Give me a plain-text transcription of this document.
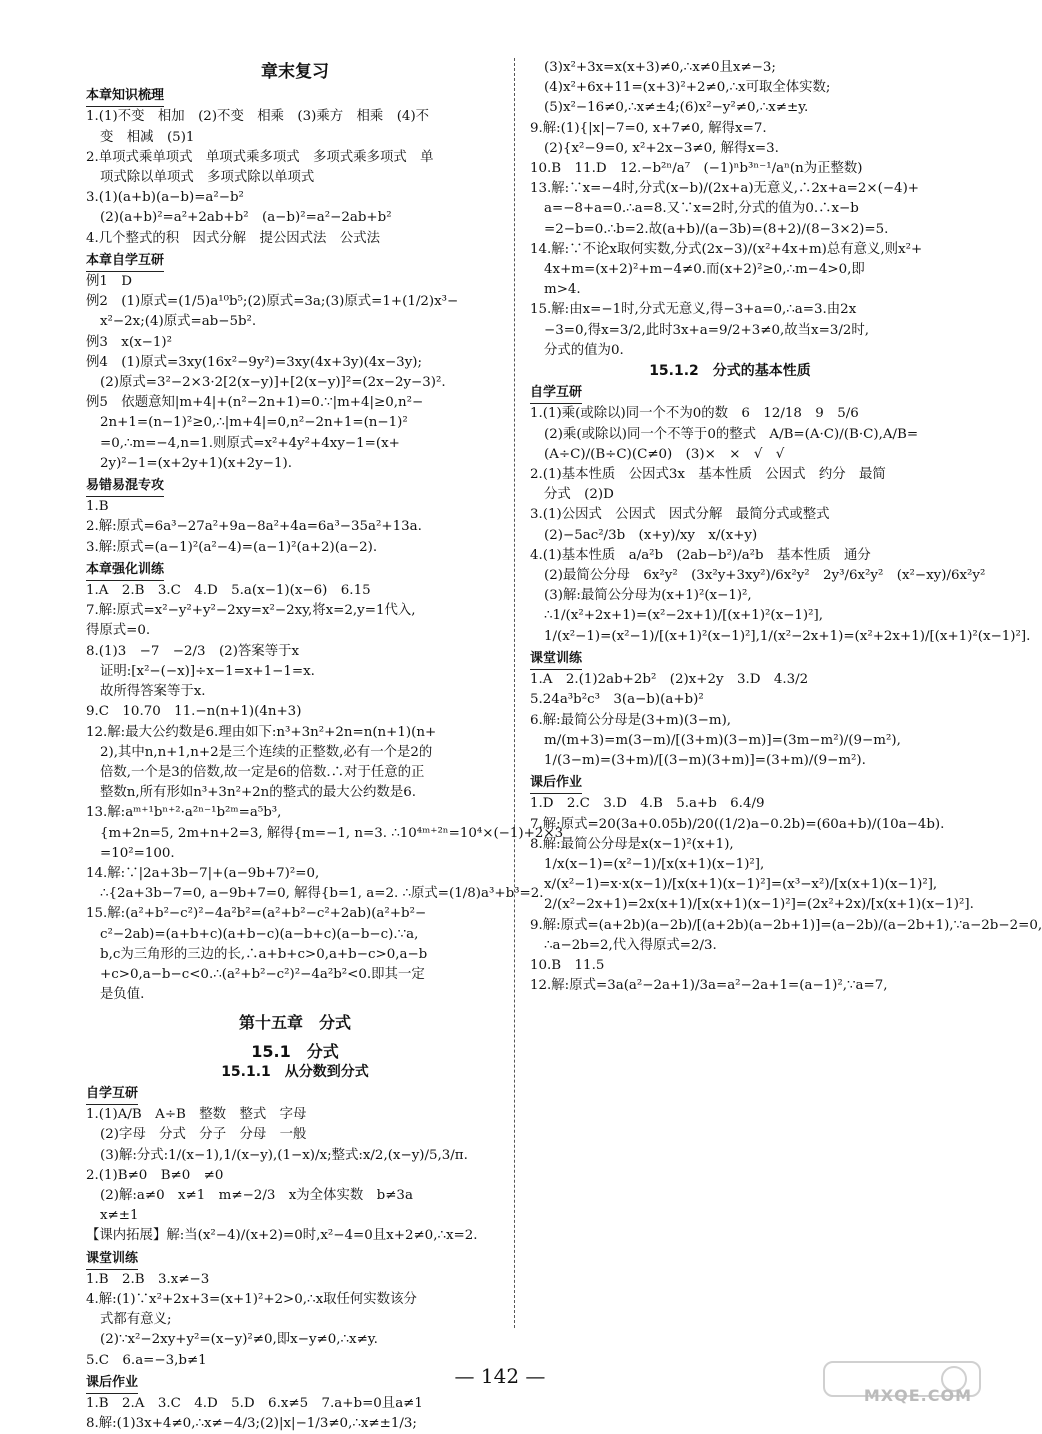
章末复习
本章知识梳理
1.(1)不变　相加　(2)不变　相乘　(3)乘方　相乘　(4)不
变　相减　(5)1
2.单项式乘单项式　单项式乘多项式　多项式乘多项式　单
项式除以单项式　多项式除以单项式
3.(1)(a+b)(a−b)=a²−b²
(2)(a+b)²=a²+2ab+b²　(a−b)²=a²−2ab+b²
4.几个整式的积　因式分解　提公因式法　公式法
本章自学互研
例1　D
例2　(1)原式=(1/5)a¹⁰b⁵;(2)原式=3a;(3)原式=1+(1/2)x³−
x²−2x;(4)原式=ab−5b².
例3　x(x−1)²
例4　(1)原式=3xy(16x²−9y²)=3xy(4x+3y)(4x−3y);
(2)原式=3²−2×3·2[2(x−y)]+[2(x−y)]²=(2x−2y−3)².
例5　依题意知|m+4|+(n²−2n+1)=0.∵|m+4|≥0,n²−
2n+1=(n−1)²≥0,∴|m+4|=0,n²−2n+1=(n−1)²
=0,∴m=−4,n=1.则原式=x²+4y²+4xy−1=(x+
2y)²−1=(x+2y+1)(x+2y−1).
易错易混专攻
1.B
2.解:原式=6a³−27a²+9a−8a²+4a=6a³−35a²+13a.
3.解:原式=(a−1)²(a²−4)=(a−1)²(a+2)(a−2).
本章强化训练
1.A　2.B　3.C　4.D　5.a(x−1)(x−6)　6.15
7.解:原式=x²−y²+y²−2xy=x²−2xy,将x=2,y=1代入,
得原式=0.
8.(1)3　−7　−2/3　(2)答案等于x
证明:[x²−(−x)]÷x−1=x+1−1=x.
故所得答案等于x.
9.C　10.70　11.−n(n+1)(4n+3)
12.解:最大公约数是6.理由如下:n³+3n²+2n=n(n+1)(n+
2),其中n,n+1,n+2是三个连续的正整数,必有一个是2的
倍数,一个是3的倍数,故一定是6的倍数.∴对于任意的正
整数n,所有形如n³+3n²+2n的整式的最大公约数是6.
13.解:aᵐ⁺¹bⁿ⁺²·a²ⁿ⁻¹b²ᵐ=a⁵b³,
{m+2n=5, 2m+n+2=3, 解得{m=−1, n=3. ∴10⁴ᵐ⁺²ⁿ=10⁴×(−1)+2×3
=10²=100.
14.解:∵|2a+3b−7|+(a−9b+7)²=0,
∴{2a+3b−7=0, a−9b+7=0, 解得{b=1, a=2. ∴原式=(1/8)a³+b³=2.
15.解:(a²+b²−c²)²−4a²b²=(a²+b²−c²+2ab)(a²+b²−
c²−2ab)=(a+b+c)(a+b−c)(a−b+c)(a−b−c).∵a,
b,c为三角形的三边的长,∴a+b+c>0,a+b−c>0,a−b
+c>0,a−b−c<0.∴(a²+b²−c²)²−4a²b²<0.即其一定
是负值.
第十五章　分式
15.1　分式
15.1.1　从分数到分式
自学互研
1.(1)A/B　A÷B　整数　整式　字母
(2)字母　分式　分子　分母　一般
(3)解:分式:1/(x−1),1/(x−y),(1−x)/x;整式:x/2,(x−y)/5,3/π.
2.(1)B≠0　B≠0　≠0
(2)解:a≠0　x≠1　m≠−2/3　x为全体实数　b≠3a
x≠±1
【课内拓展】解:当(x²−4)/(x+2)=0时,x²−4=0且x+2≠0,∴x=2.
课堂训练
1.B　2.B　3.x≠−3
4.解:(1)∵x²+2x+3=(x+1)²+2>0,∴x取任何实数该分
式都有意义;
(2)∵x²−2xy+y²=(x−y)²≠0,即x−y≠0,∴x≠y.
5.C　6.a=−3,b≠1
课后作业
1.B　2.A　3.C　4.D　5.D　6.x≠5　7.a+b=0且a≠1
8.解:(1)3x+4≠0,∴x≠−4/3;(2)|x|−1/3≠0,∴x≠±1/3;
(3)x²+3x=x(x+3)≠0,∴x≠0且x≠−3;
(4)x²+6x+11=(x+3)²+2≠0,∴x可取全体实数;
(5)x²−16≠0,∴x≠±4;(6)x²−y²≠0,∴x≠±y.
9.解:(1){|x|−7=0, x+7≠0, 解得x=7.
(2){x²−9=0, x²+2x−3≠0, 解得x=3.
10.B　11.D　12.−b²ⁿ/a⁷　(−1)ⁿb³ⁿ⁻¹/aⁿ(n为正整数)
13.解:∵x=−4时,分式(x−b)/(2x+a)无意义,∴2x+a=2×(−4)+
a=−8+a=0.∴a=8.又∵x=2时,分式的值为0.∴x−b
=2−b=0.∴b=2.故(a+b)/(a−3b)=(8+2)/(8−3×2)=5.
14.解:∵不论x取何实数,分式(2x−3)/(x²+4x+m)总有意义,则x²+
4x+m=(x+2)²+m−4≠0.而(x+2)²≥0,∴m−4>0,即
m>4.
15.解:由x=−1时,分式无意义,得−3+a=0,∴a=3.由2x
−3=0,得x=3/2,此时3x+a=9/2+3≠0,故当x=3/2时,
分式的值为0.
15.1.2　分式的基本性质
自学互研
1.(1)乘(或除以)同一个不为0的数　6　12/18　9　5/6
(2)乘(或除以)同一个不等于0的整式　A/B=(A·C)/(B·C),A/B=
(A÷C)/(B÷C)(C≠0)　(3)×　×　√　√
2.(1)基本性质　公因式3x　基本性质　公因式　约分　最简
分式　(2)D
3.(1)公因式　公因式　因式分解　最简分式或整式
(2)−5ac²/3b　(x+y)/xy　x/(x+y)
4.(1)基本性质　a/a²b　(2ab−b²)/a²b　基本性质　通分
(2)最简公分母　6x²y²　(3x²y+3xy²)/6x²y²　2y³/6x²y²　(x²−xy)/6x²y²
(3)解:最简公分母为(x+1)²(x−1)²,
∴1/(x²+2x+1)=(x²−2x+1)/[(x+1)²(x−1)²],
1/(x²−1)=(x²−1)/[(x+1)²(x−1)²],1/(x²−2x+1)=(x²+2x+1)/[(x+1)²(x−1)²].
课堂训练
1.A　2.(1)2ab+2b²　(2)x+2y　3.D　4.3/2
5.24a³b²c³　3(a−b)(a+b)²
6.解:最简公分母是(3+m)(3−m),
m/(m+3)=m(3−m)/[(3+m)(3−m)]=(3m−m²)/(9−m²),
1/(3−m)=(3+m)/[(3−m)(3+m)]=(3+m)/(9−m²).
课后作业
1.D　2.C　3.D　4.B　5.a+b　6.4/9
7.解:原式=20(3a+0.05b)/20((1/2)a−0.2b)=(60a+b)/(10a−4b).
8.解:最简公分母是x(x−1)²(x+1),
1/x(x−1)=(x²−1)/[x(x+1)(x−1)²],
x/(x²−1)=x·x(x−1)/[x(x+1)(x−1)²]=(x³−x²)/[x(x+1)(x−1)²],
2/(x²−2x+1)=2x(x+1)/[x(x+1)(x−1)²]=(2x²+2x)/[x(x+1)(x−1)²].
9.解:原式=(a+2b)(a−2b)/[(a+2b)(a−2b+1)]=(a−2b)/(a−2b+1),∵a−2b−2=0,
∴a−2b=2,代入得原式=2/3.
10.B　11.5
12.解:原式=3a(a²−2a+1)/3a=a²−2a+1=(a−1)²,∵a=7,
— 142 —
MXQE.COM
